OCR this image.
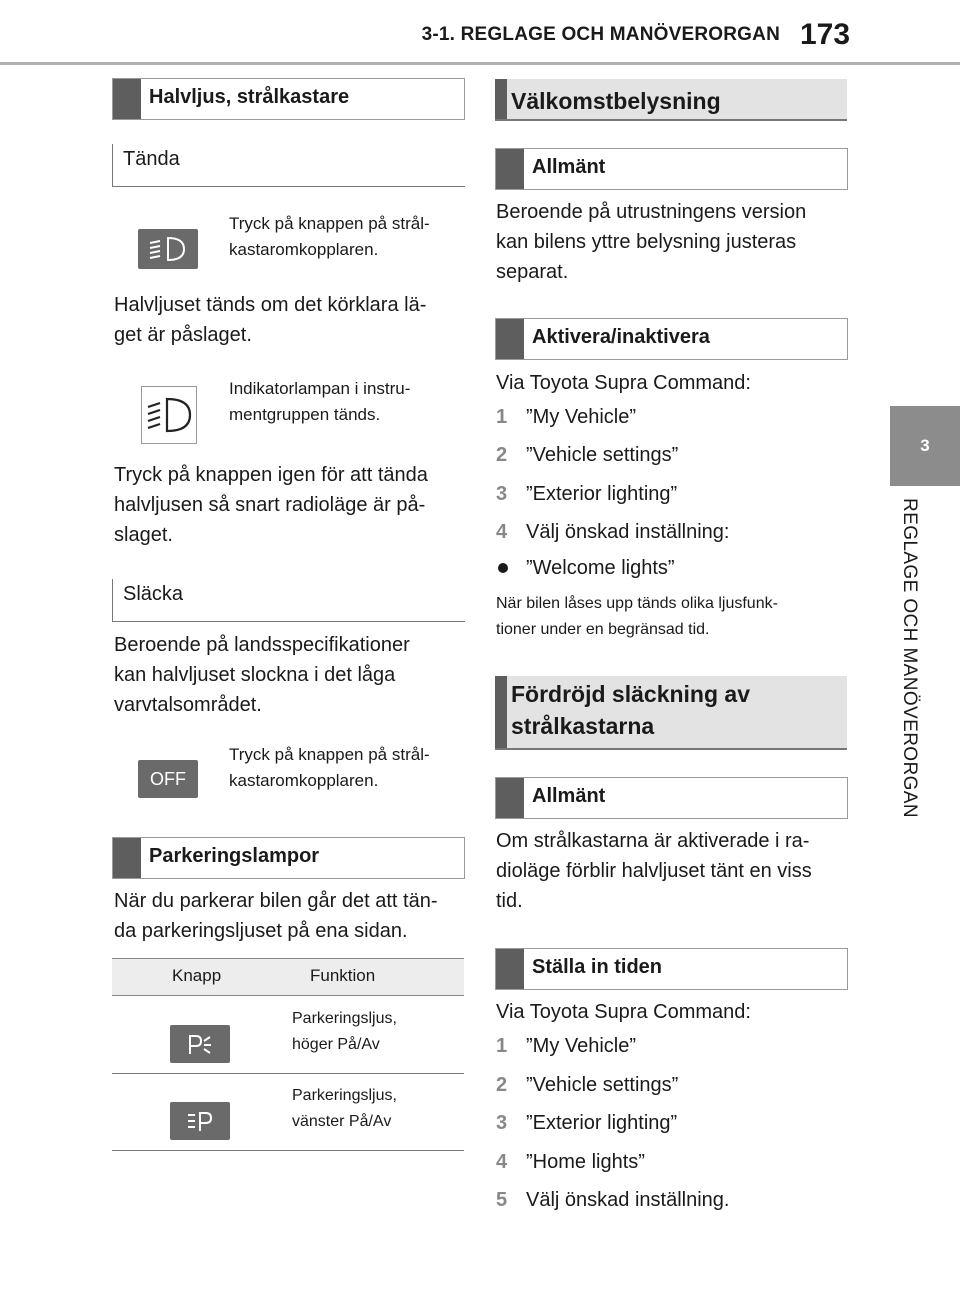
3-1. REGLAGE OCH MANÖVERORGAN 173
3
REGLAGE OCH MANÖVERORGAN
Halvljus, strålkastare
Tända
Tryck på knappen på strål-
kastaromkopplaren.
Halvljuset tänds om det körklara lä-
get är påslaget.
Indikatorlampan i instru-
mentgruppen tänds.
Tryck på knappen igen för att tända
halvljusen så snart radioläge är på-
slaget.
Släcka
Beroende på landsspecifikationer
kan halvljuset slockna i det låga
varvtalsområdet.
OFF
Tryck på knappen på strål-
kastaromkopplaren.
Parkeringslampor
När du parkerar bilen går det att tän-
da parkeringsljuset på ena sidan.
Knapp	Funktion
Parkeringsljus,
höger På/Av
Parkeringsljus,
vänster På/Av
Välkomstbelysning
Allmänt
Beroende på utrustningens version
kan bilens yttre belysning justeras
separat.
Aktivera/inaktivera
Via Toyota Supra Command:
1 ”My Vehicle”
2 ”Vehicle settings”
3 ”Exterior lighting”
4 Välj önskad inställning:
”Welcome lights”
När bilen låses upp tänds olika ljusfunk-
tioner under en begränsad tid.
Fördröjd släckning av
strålkastarna
Allmänt
Om strålkastarna är aktiverade i ra-
dioläge förblir halvljuset tänt en viss
tid.
Ställa in tiden
Via Toyota Supra Command:
1 ”My Vehicle”
2 ”Vehicle settings”
3 ”Exterior lighting”
4 ”Home lights”
5 Välj önskad inställning.
